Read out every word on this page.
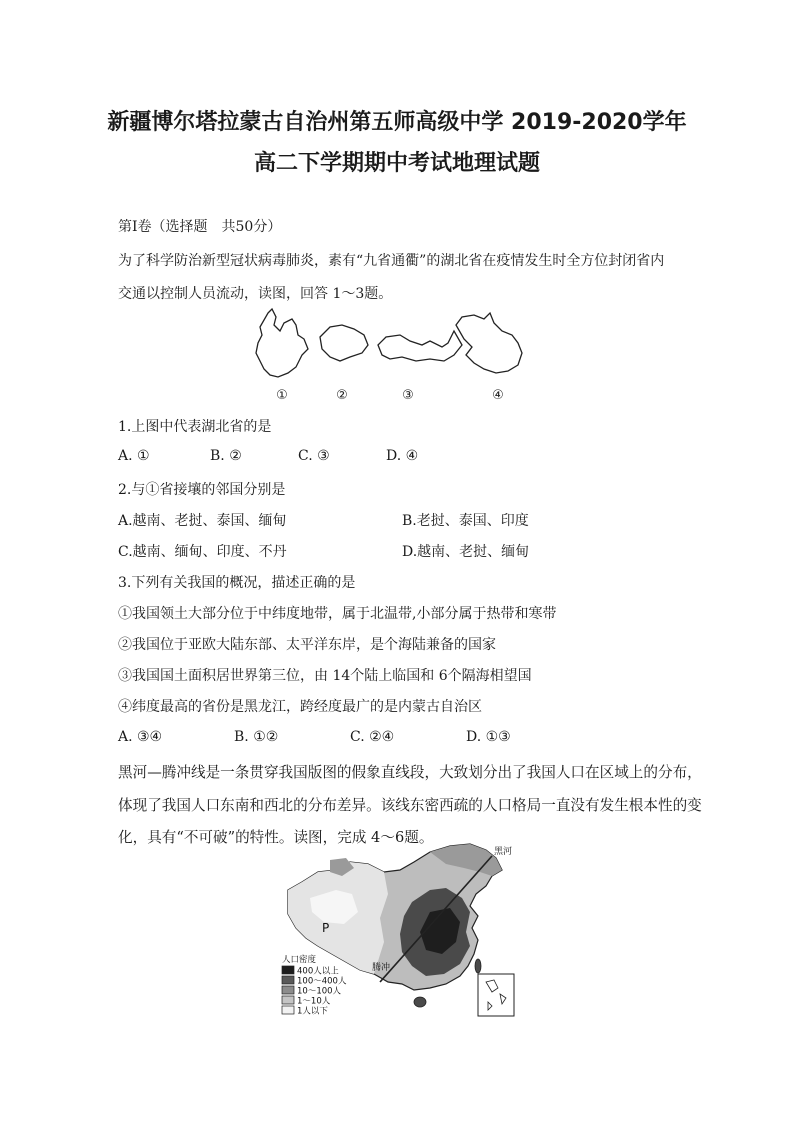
新疆博尔塔拉蒙古自治州第五师高级中学 2019-2020学年
高二下学期期中考试地理试题
第Ⅰ卷（选择题　共50分）
为了科学防治新型冠状病毒肺炎，素有“九省通衢”的湖北省在疫情发生时全方位封闭省内
交通以控制人员流动，读图，回答 1～3题。
①	②	③	④
1.上图中代表湖北省的是
A. ①	B. ②	C. ③	D. ④
2.与①省接壤的邻国分别是
A.越南、老挝、泰国、缅甸	B.老挝、泰国、印度
C.越南、缅甸、印度、不丹	D.越南、老挝、缅甸
3.下列有关我国的概况，描述正确的是
①我国领土大部分位于中纬度地带，属于北温带,小部分属于热带和寒带
②我国位于亚欧大陆东部、太平洋东岸，是个海陆兼备的国家
③我国国土面积居世界第三位，由 14个陆上临国和 6个隔海相望国
④纬度最高的省份是黑龙江，跨经度最广的是内蒙古自治区
A. ③④	B. ①②	C. ②④	D. ①③
黑河—腾冲线是一条贯穿我国版图的假象直线段，大致划分出了我国人口在区域上的分布，
体现了我国人口东南和西北的分布差异。该线东密西疏的人口格局一直没有发生根本性的变
化，具有“不可破”的特性。读图，完成 4～6题。
黑河
腾冲
P
人口密度
400人以上
100～400人
10～100人
1～10人
1人以下
